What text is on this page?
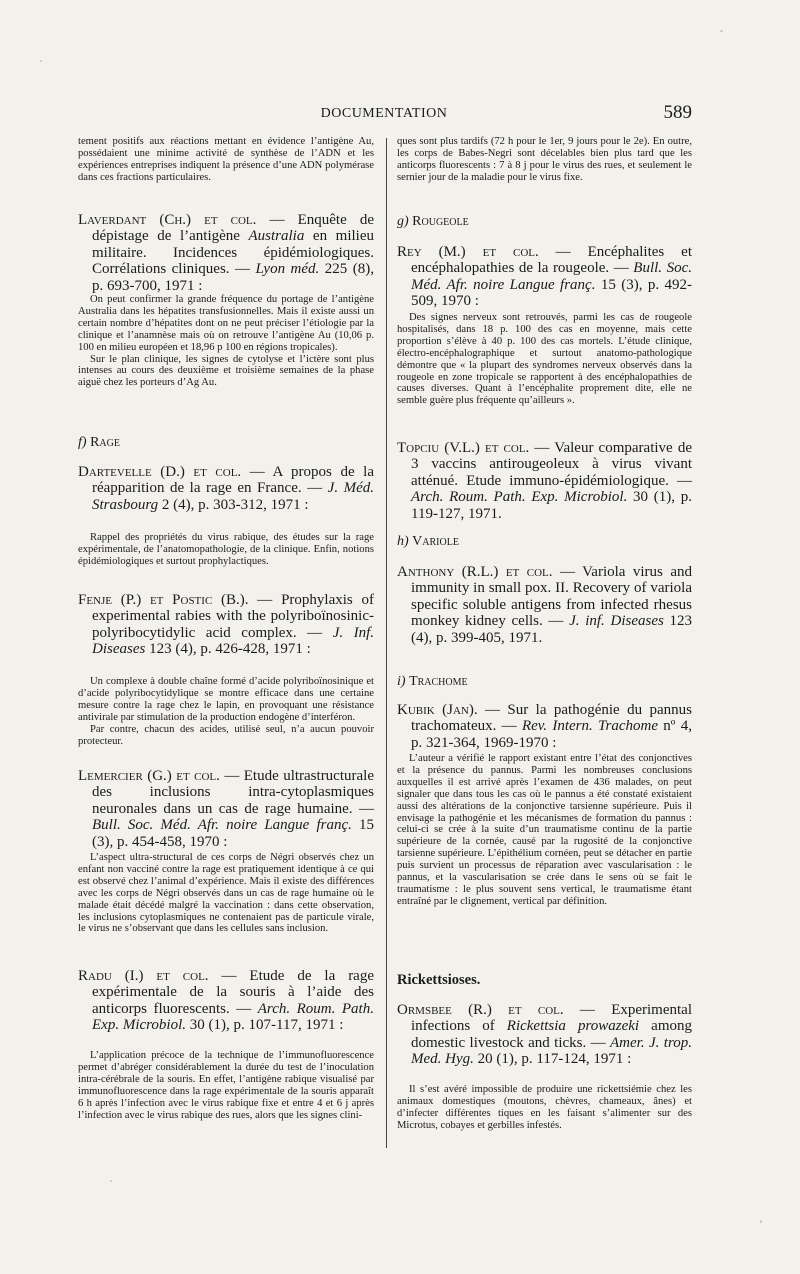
DOCUMENTATION	589

tement positifs aux réactions mettant en évidence l’antigène Au, possédaient une minime activité de synthèse de l’ADN et les expériences entreprises indiquent la présence d’une ADN polymérase dans ces fractions particulaires.

Laverdant (Ch.) et col. — Enquête de dépistage de l’antigène Australia en milieu militaire. Incidences épidémiologiques. Corrélations cliniques. — Lyon méd. 225 (8), p. 693-700, 1971 :

On peut confirmer la grande fréquence du portage de l’antigène Australia dans les hépatites transfusionnelles. Mais il existe aussi un certain nombre d’hépatites dont on ne peut préciser l’étiologie par la clinique et l’anamnèse mais où on retrouve l’antigène Au (10,06 p. 100 en milieu européen et 18,96 p 100 en régions tropicales).

Sur le plan clinique, les signes de cytolyse et l’ictère sont plus intenses au cours des deuxième et troisième semaines de la phase aiguë chez les porteurs d’Ag Au.

f) Rage

Dartevelle (D.) et col. — A propos de la réapparition de la rage en France. — J. Méd. Strasbourg 2 (4), p. 303-312, 1971 :

Rappel des propriétés du virus rabique, des études sur la rage expérimentale, de l’anatomopathologie, de la clinique. Enfin, notions épidémiologiques et surtout prophylactiques.

Fenje (P.) et Postic (B.). — Prophylaxis of experimental rabies with the polyriboïnosinic-polyribocytidylic acid complex. — J. Inf. Diseases 123 (4), p. 426-428, 1971 :

Un complexe à double chaîne formé d’acide polyriboïnosinique et d’acide polyribocytidylique se montre efficace dans une certaine mesure contre la rage chez le lapin, en provoquant une résistance antivirale par stimulation de la production endogène d’interféron.

Par contre, chacun des acides, utilisé seul, n’a aucun pouvoir protecteur.

Lemercier (G.) et col. — Etude ultrastructurale des inclusions intra-cytoplasmiques neuronales dans un cas de rage humaine. — Bull. Soc. Méd. Afr. noire Langue franç. 15 (3), p. 454-458, 1970 :

L’aspect ultra-structural de ces corps de Négri observés chez un enfant non vacciné contre la rage est pratiquement identique à ce qui est observé chez l’animal d’expérience. Mais il existe des différences avec les corps de Négri observés dans un cas de rage humaine où le malade était décédé malgré la vaccination : dans cette observation, les inclusions cytoplasmiques ne contenaient pas de particule virale, le virus ne s’observant que dans les cellules sans inclusion.

Radu (I.) et col. — Etude de la rage expérimentale de la souris à l’aide des anticorps fluorescents. — Arch. Roum. Path. Exp. Microbiol. 30 (1), p. 107-117, 1971 :

L’application précoce de la technique de l’immunofluorescence permet d’abréger considérablement la durée du test de l’inoculation intra-cérébrale de la souris. En effet, l’antigène rabique visualisé par immunofluorescence dans la rage expérimentale de la souris apparaît 6 h après l’infection avec le virus rabique fixe et entre 4 et 6 j après l’infection avec le virus rabique des rues, alors que les signes clini-

ques sont plus tardifs (72 h pour le 1er, 9 jours pour le 2e). En outre, les corps de Babes-Negri sont décelables bien plus tard que les anticorps fluorescents : 7 à 8 j pour le virus des rues, et seulement le sernier jour de la maladie pour le virus fixe.

g) Rougeole

Rey (M.) et col. — Encéphalites et encéphalopathies de la rougeole. — Bull. Soc. Méd. Afr. noire Langue franç. 15 (3), p. 492-509, 1970 :

Des signes nerveux sont retrouvés, parmi les cas de rougeole hospitalisés, dans 18 p. 100 des cas en moyenne, mais cette proportion s’élève à 40 p. 100 des cas mortels. L’étude clinique, électro-encéphalographique et surtout anatomo-pathologique démontre que « la plupart des syndromes nerveux observés dans la rougeole en zone tropicale se rapportent à des encéphalopathies de causes diverses. Quant à l’encéphalite proprement dite, elle ne semble guère plus fréquente qu’ailleurs ».

Topciu (V.L.) et col. — Valeur comparative de 3 vaccins antirougeoleux à virus vivant atténué. Etude immuno-épidémiologique. — Arch. Roum. Path. Exp. Microbiol. 30 (1), p. 119-127, 1971.

h) Variole

Anthony (R.L.) et col. — Variola virus and immunity in small pox. II. Recovery of variola specific soluble antigens from infected rhesus monkey kidney cells. — J. inf. Diseases 123 (4), p. 399-405, 1971.

i) Trachome

Kubik (Jan). — Sur la pathogénie du pannus trachomateux. — Rev. Intern. Trachome nº 4, p. 321-364, 1969-1970 :

L’auteur a vérifié le rapport existant entre l’état des conjonctives et la présence du pannus. Parmi les nombreuses conclusions auxquelles il est arrivé après l’examen de 436 malades, on peut signaler que dans tous les cas où le pannus a été constaté existaient aussi des altérations de la conjonctive tarsienne supérieure. Puis il envisage la pathogénie et les mécanismes de formation du pannus : celui-ci se crée à la suite d’un traumatisme continu de la partie supérieure de la cornée, causé par la rugosité de la conjonctive tarsienne supérieure. L’épithélium cornéen, peut se détacher en partie puis survient un processus de réparation avec vascularisation : le pannus, et la vascularisation se crée dans le sens où se fait le traumatisme : le plus souvent sens vertical, le traumatisme étant entraîné par le clignement, vertical par définition.

Rickettsioses.

Ormsbee (R.) et col. — Experimental infections of Rickettsia prowazeki among domestic livestock and ticks. — Amer. J. trop. Med. Hyg. 20 (1), p. 117-124, 1971 :

Il s’est avéré impossible de produire une rickettsiémie chez les animaux domestiques (moutons, chèvres, chameaux, ânes) et d’infecter différentes tiques en les faisant s’alimenter sur des Microtus, cobayes et gerbilles infestés.
